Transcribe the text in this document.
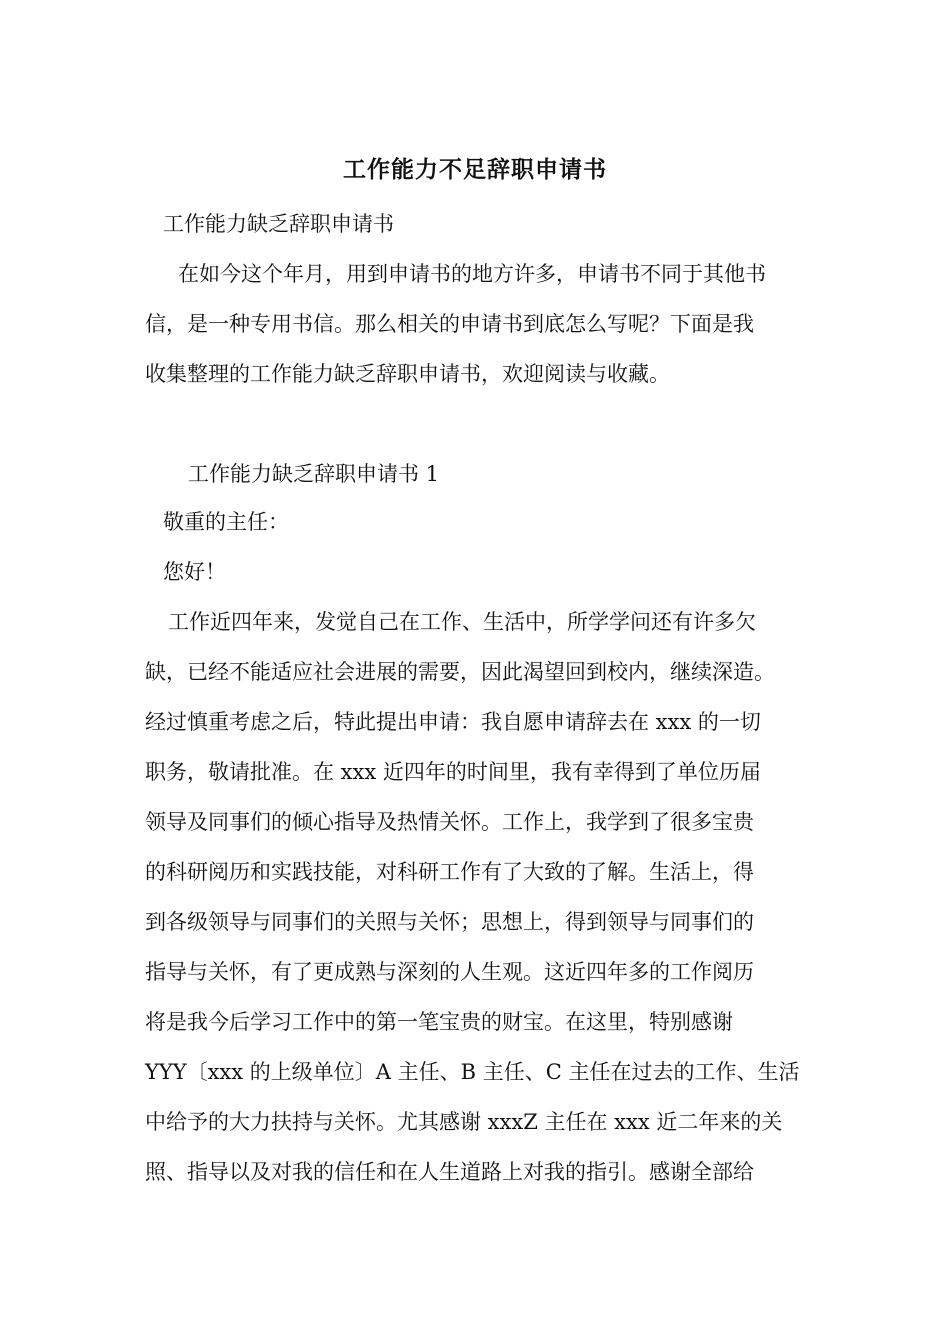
工作能力不足辞职申请书

工作能力缺乏辞职申请书

在如今这个年月，用到申请书的地方许多，申请书不同于其他书

信，是一种专用书信。那么相关的申请书到底怎么写呢？下面是我

收集整理的工作能力缺乏辞职申请书，欢迎阅读与收藏。

工作能力缺乏辞职申请书 1

敬重的主任：

您好！

工作近四年来，发觉自己在工作、生活中，所学学问还有许多欠

缺，已经不能适应社会进展的需要，因此渴望回到校内，继续深造。

经过慎重考虑之后，特此提出申请：我自愿申请辞去在 xxx 的一切

职务，敬请批准。在 xxx 近四年的时间里，我有幸得到了单位历届

领导及同事们的倾心指导及热情关怀。工作上，我学到了很多宝贵

的科研阅历和实践技能，对科研工作有了大致的了解。生活上，得

到各级领导与同事们的关照与关怀；思想上，得到领导与同事们的

指导与关怀，有了更成熟与深刻的人生观。这近四年多的工作阅历

将是我今后学习工作中的第一笔宝贵的财宝。在这里，特别感谢

YYY〔xxx 的上级单位〕A 主任、B 主任、C 主任在过去的工作、生活

中给予的大力扶持与关怀。尤其感谢 xxxZ 主任在 xxx 近二年来的关

照、指导以及对我的信任和在人生道路上对我的指引。感谢全部给
